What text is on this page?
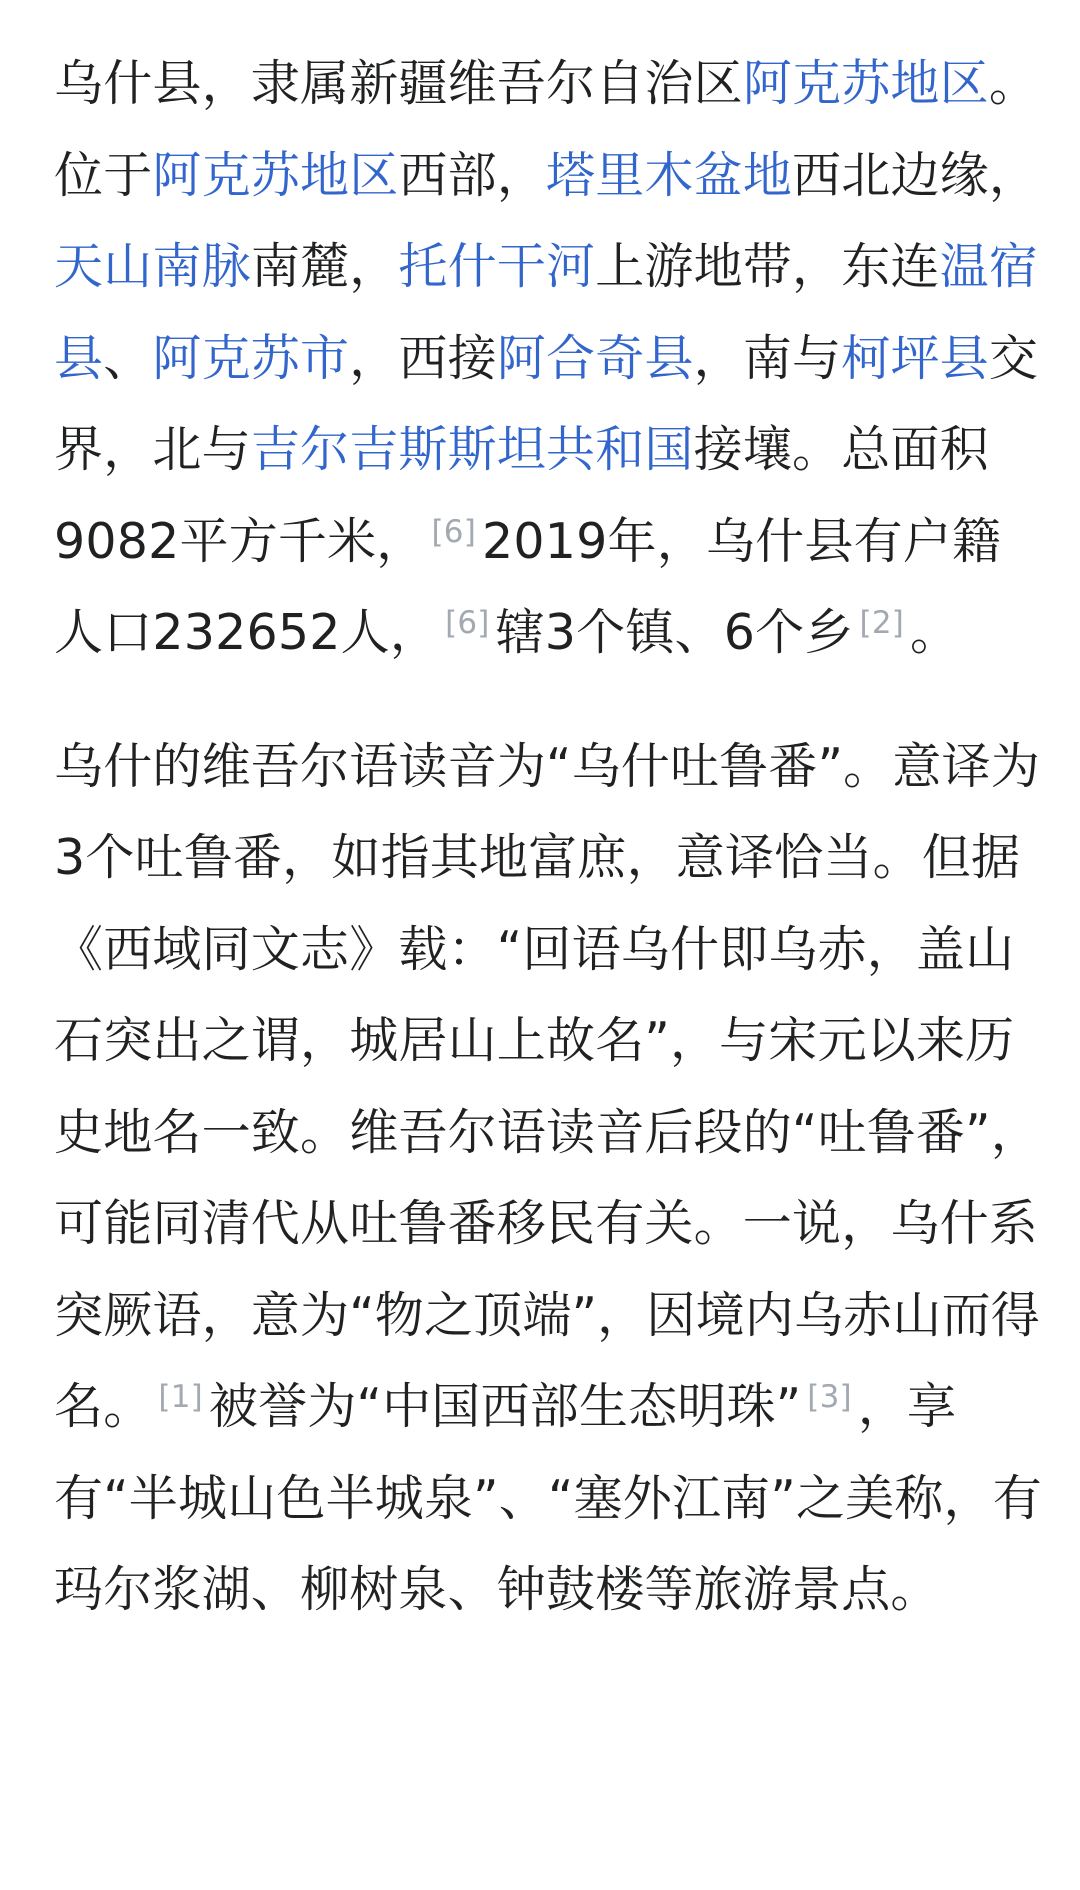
乌什县，隶属新疆维吾尔自治区阿克苏地区。位于阿克苏地区西部，塔里木盆地西北边缘，天山南脉南麓，托什干河上游地带，东连温宿县、阿克苏市，西接阿合奇县，南与柯坪县交界，北与吉尔吉斯斯坦共和国接壤。总面积9082平方千米， [6] 2019年，乌什县有户籍人口232652人， [6] 辖3个镇、6个乡 [2] 。

乌什的维吾尔语读音为“乌什吐鲁番”。意译为3个吐鲁番，如指其地富庶，意译恰当。但据《西域同文志》载：“回语乌什即乌赤，盖山石突出之谓，城居山上故名”，与宋元以来历史地名一致。维吾尔语读音后段的“吐鲁番”，可能同清代从吐鲁番移民有关。一说，乌什系突厥语，意为“物之顶端”，因境内乌赤山而得名。 [1] 被誉为“中国西部生态明珠” [3] ，享有“半城山色半城泉”、“塞外江南”之美称，有玛尔浆湖、柳树泉、钟鼓楼等旅游景点。
